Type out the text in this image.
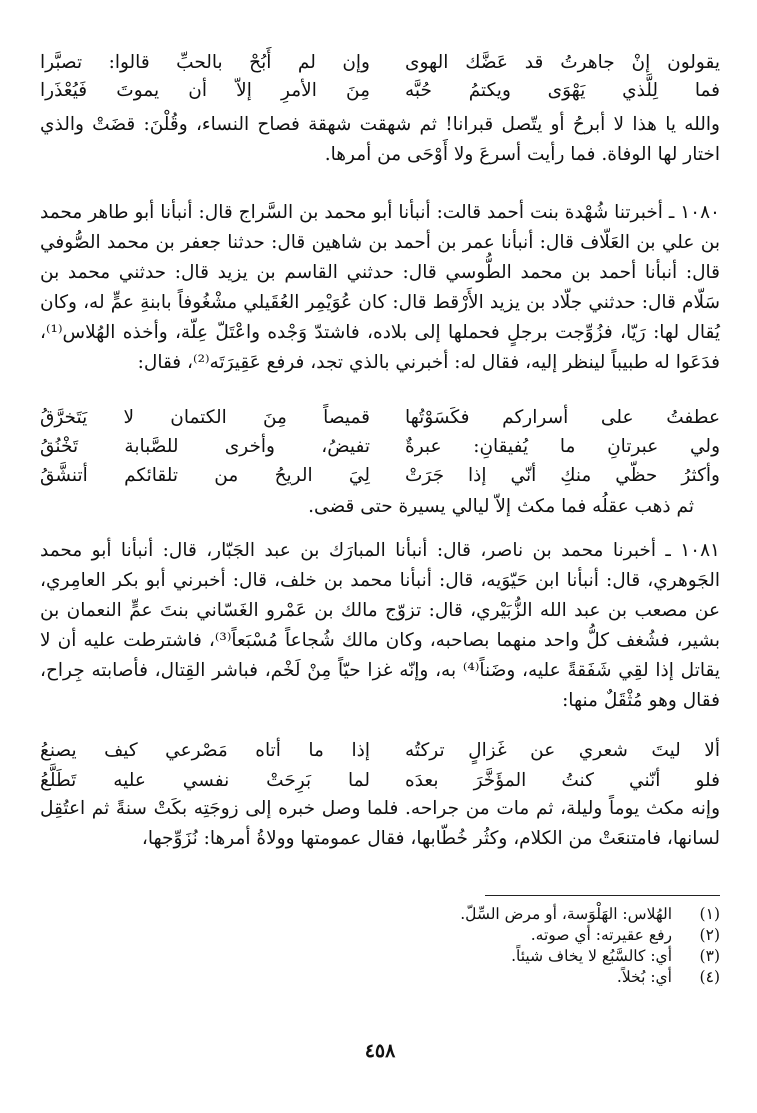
يقولون إنْ جاهرتُ قد عَضَّك الهوى
وإن لم أَبُحْ بالحبِّ قالوا: تصبَّرا
فما لِلَّذي يَهْوَى ويكتمُ حُبَّه
مِنَ الأمرِ إلاّ أن يموتَ فَيُعْذَرا

والله يا هذا لا أبرحُ أو يتّصل قبرانا! ثم شهقت شهقة فصاح النساء، وقُلْنَ: قضَتْ والذي اختار لها الوفاة. فما رأيت أسرعَ ولا أَوْحَى من أمرها.

١٠٨٠ ـ أخبرتنا شُهْدة بنت أحمد قالت: أنبأنا أبو محمد بن السَّراج قال: أنبأنا أبو طاهر محمد بن علي بن العَلّاف قال: أنبأنا عمر بن أحمد بن شاهين قال: حدثنا جعفر بن محمد الصُّوفي قال: أنبأنا أحمد بن محمد الطُّوسي قال: حدثني القاسم بن يزيد قال: حدثني محمد بن سَلّام قال: حدثني جلّاد بن يزيد الأَرْقط قال: كان عُوَيْمِر العُقَيلي مشْغُوفاً بابنةِ عمٍّ له، وكان يُقال لها: رَيّا، فزُوِّجت برجلٍ فحملها إلى بلاده، فاشتدّ وَجْده واعْتَلّ عِلّة، وأخذه الهُلاس⁽¹⁾، فدَعَوا له طبيباً لينظر إليه، فقال له: أخبرني بالذي تجد، فرفع عَقِيرَتَه⁽²⁾، فقال:

عطفتُ على أسراركم فكَسَوْتُها
قميصاً مِنَ الكتمان لا يَتَخرَّقُ
ولي عبرتانِ ما يُفيقانِ: عبرةٌ
تفيضُ، وأخرى للصَّبابة تَخْنُقُ
وأكثرُ حظّي منكِ أنّي إذا جَرَتْ
لِيَ الريحُ من تلقائكم أتنشَّقُ

ثم ذهب عقلُه فما مكث إلاّ ليالي يسيرة حتى قضى.

١٠٨١ ـ أخبرنا محمد بن ناصر، قال: أنبأنا المبارَك بن عبد الجَبّار، قال: أنبأنا أبو محمد الجَوهري، قال: أنبأنا ابن حَيّوَيه، قال: أنبأنا محمد بن خلف، قال: أخبرني أبو بكر العامِري، عن مصعب بن عبد الله الزُّبَيْري، قال: تزوّج مالك بن عَمْرو الغَسّاني بنتَ عمٍّ النعمان بن بشير، فشُغف كلُّ واحد منهما بصاحبه، وكان مالك شُجاعاً مُسْبَعاً⁽³⁾، فاشترطت عليه أن لا يقاتل إذا لقِي شَفَقةً عليه، وضَناً⁽⁴⁾ به، وإنّه غزا حيّاً مِنْ لَخْم، فباشر القِتال، فأصابته جِراح، فقال وهو مُثْقَلٌ منها:

ألا ليتَ شعري عن غَزالٍ تركتُه
إذا ما أتاه مَصْرعي كيف يصنعُ
فلو أنّني كنتُ المؤَخَّرَ بعدَه
لما بَرِحَتْ نفسي عليه تَطَلَّعُ

وإنه مكث يوماً وليلة، ثم مات من جراحه. فلما وصل خبره إلى زوجَتِه بكَتْ سنةً ثم اعتُقِل لسانها، فامتنعَتْ من الكلام، وكثُر خُطّابها، فقال عمومتها وولاةُ أمرها: نُزَوِّجها،

(١)
الهُلاس: الهَلْوَسة، أو مرض السِّلّ.
(٢)
رفع عقيرته: أي صوته.
(٣)
أي: كالسَّبُع لا يخاف شيئاً.
(٤)
أي: بُخلاً.
٤٥٨
